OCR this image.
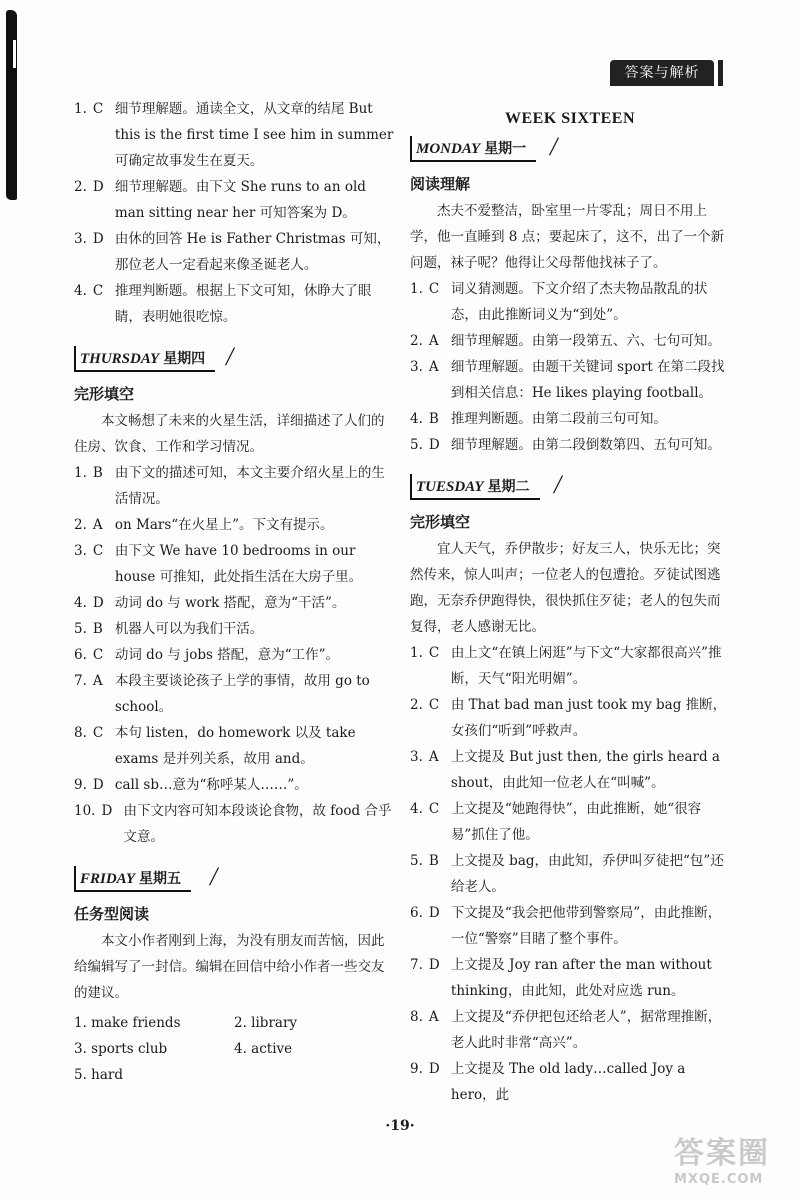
答案与解析
1. C 细节理解题。通读全文，从文章的结尾 But this is the first time I see him in summer 可确定故事发生在夏天。
2. D 细节理解题。由下文 She runs to an old man sitting near her 可知答案为 D。
3. D 由休的回答 He is Father Christmas 可知，那位老人一定看起来像圣诞老人。
4. C 推理判断题。根据上下文可知，休睁大了眼睛，表明她很吃惊。
THURSDAY 星期四 /
完形填空

本文畅想了未来的火星生活，详细描述了人们的住房、饮食、工作和学习情况。

1. B 由下文的描述可知，本文主要介绍火星上的生活情况。
2. A on Mars“在火星上”。下文有提示。
3. C 由下文 We have 10 bedrooms in our house 可推知，此处指生活在大房子里。
4. D 动词 do 与 work 搭配，意为“干活”。
5. B 机器人可以为我们干活。
6. C 动词 do 与 jobs 搭配，意为“工作”。
7. A 本段主要谈论孩子上学的事情，故用 go to school。
8. C 本句 listen，do homework 以及 take exams 是并列关系，故用 and。
9. D call sb…意为“称呼某人……”。
10. D 由下文内容可知本段谈论食物，故 food 合乎文意。
FRIDAY 星期五	/
任务型阅读

本文小作者刚到上海，为没有朋友而苦恼，因此给编辑写了一封信。编辑在回信中给小作者一些交友的建议。

1. make friends	2. library
3. sports club	4. active
5. hard
WEEK SIXTEEN
MONDAY 星期一 /
阅读理解

杰夫不爱整洁，卧室里一片零乱；周日不用上学，他一直睡到 8 点；要起床了，这不，出了一个新问题，袜子呢？他得让父母帮他找袜子了。

1. C 词义猜测题。下文介绍了杰夫物品散乱的状态，由此推断词义为“到处”。
2. A 细节理解题。由第一段第五、六、七句可知。
3. A 细节理解题。由题干关键词 sport 在第二段找到相关信息：He likes playing football。
4. B 推理判断题。由第二段前三句可知。
5. D 细节理解题。由第二段倒数第四、五句可知。
TUESDAY 星期二 /
完形填空

宜人天气，乔伊散步；好友三人，快乐无比；突然传来，惊人叫声；一位老人的包遭抢。歹徒试图逃跑，无奈乔伊跑得快，很快抓住歹徒；老人的包失而复得，老人感谢无比。

1. C 由上文“在镇上闲逛”与下文“大家都很高兴”推断，天气“阳光明媚”。
2. C 由 That bad man just took my bag 推断，女孩们“听到”呼救声。
3. A 上文提及 But just then, the girls heard a shout，由此知一位老人在“叫喊”。
4. C 上文提及“她跑得快”，由此推断，她“很容易”抓住了他。
5. B 上文提及 bag，由此知，乔伊叫歹徒把“包”还给老人。
6. D 下文提及“我会把他带到警察局”，由此推断，一位“警察”目睹了整个事件。
7. D 上文提及 Joy ran after the man without thinking，由此知，此处对应选 run。
8. A 上文提及“乔伊把包还给老人”，据常理推断，老人此时非常“高兴”。
9. D 上文提及 The old lady…called Joy a hero，此
·19·
答案圈
MXQE.COM
